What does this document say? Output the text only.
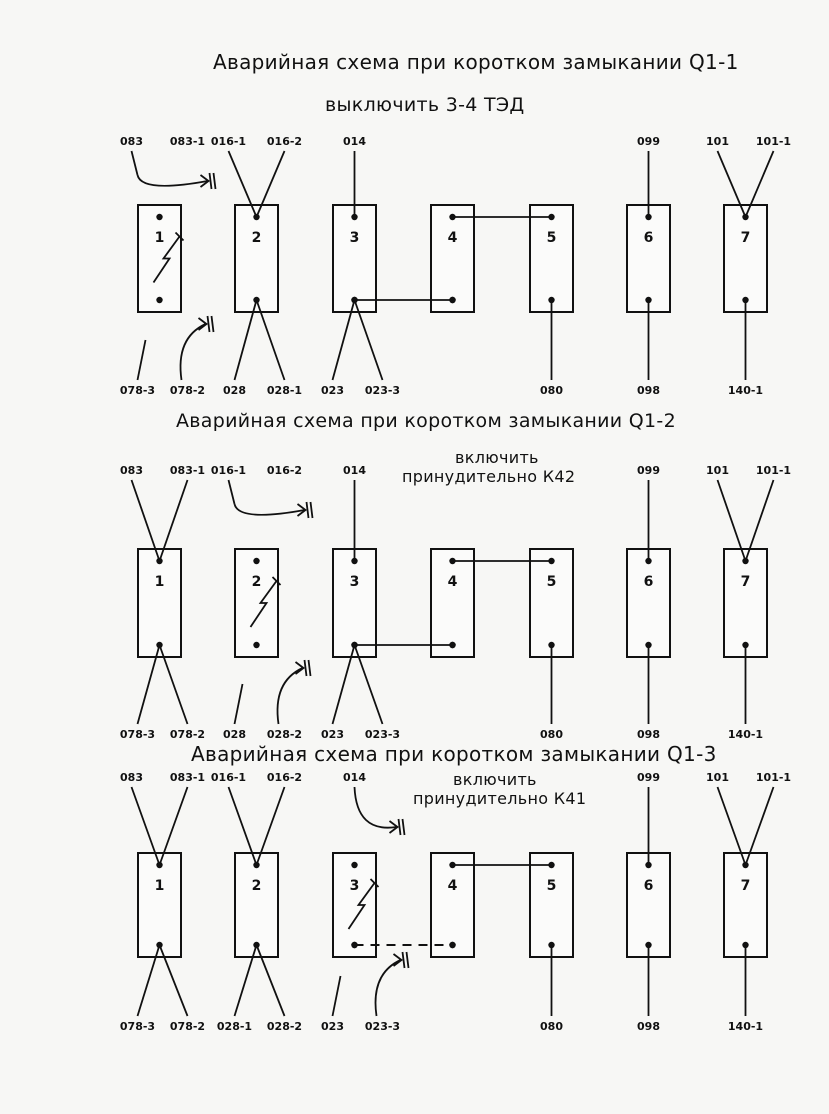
Аварийная схема при коротком замыкании Q1-1
выключить 3-4 ТЭД
Аварийная схема при коротком замыкании Q1-2
включить
принудительно К42
Аварийная схема при коротком замыкании Q1-3
включить
принудительно К41
1
083 083-1
078-3 078-2
2
016-1 016-2
028 028-1
3
014
023 023-3
4	5
080
6
099
098
7
101 101-1
140-1
1
083 083-1
078-3 078-2
2
016-1 016-2
028 028-2
3
014
023 023-3
4	5
080
6
099
098
7
101 101-1
140-1
1
083 083-1
078-3 078-2
2
016-1 016-2
028-1 028-2
3
014
023 023-3
4	5
080
6
099
098
7
101 101-1
140-1
